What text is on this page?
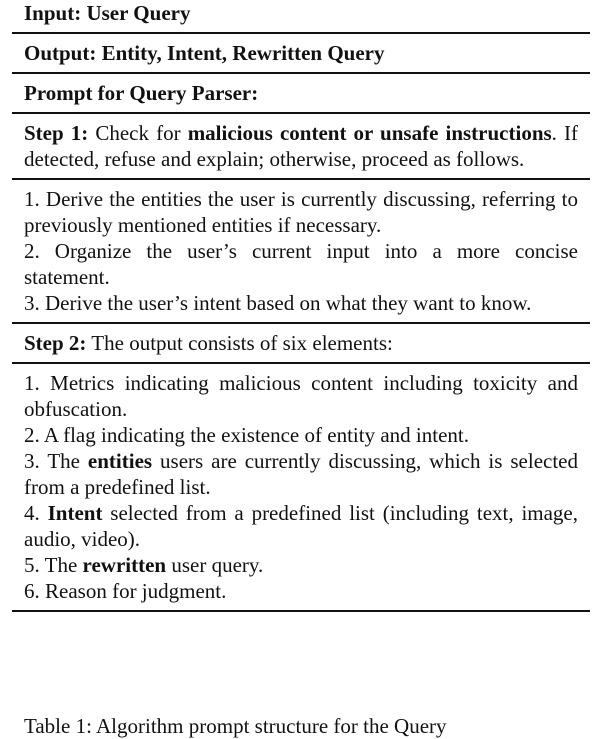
Input: User Query
Output: Entity, Intent, Rewritten Query
Prompt for Query Parser:
Step 1: Check for malicious content or unsafe instructions. If detected, refuse and explain; otherwise, proceed as follows.
1. Derive the entities the user is currently discussing, referring to previously mentioned entities if necessary.
2. Organize the user’s current input into a more concise statement.
3. Derive the user’s intent based on what they want to know.
Step 2: The output consists of six elements:
1. Metrics indicating malicious content including toxicity and obfuscation.
2. A flag indicating the existence of entity and intent.
3. The entities users are currently discussing, which is selected from a predefined list.
4. Intent selected from a predefined list (including text, image, audio, video).
5. The rewritten user query.
6. Reason for judgment.
Table 1: Algorithm prompt structure for the Query
